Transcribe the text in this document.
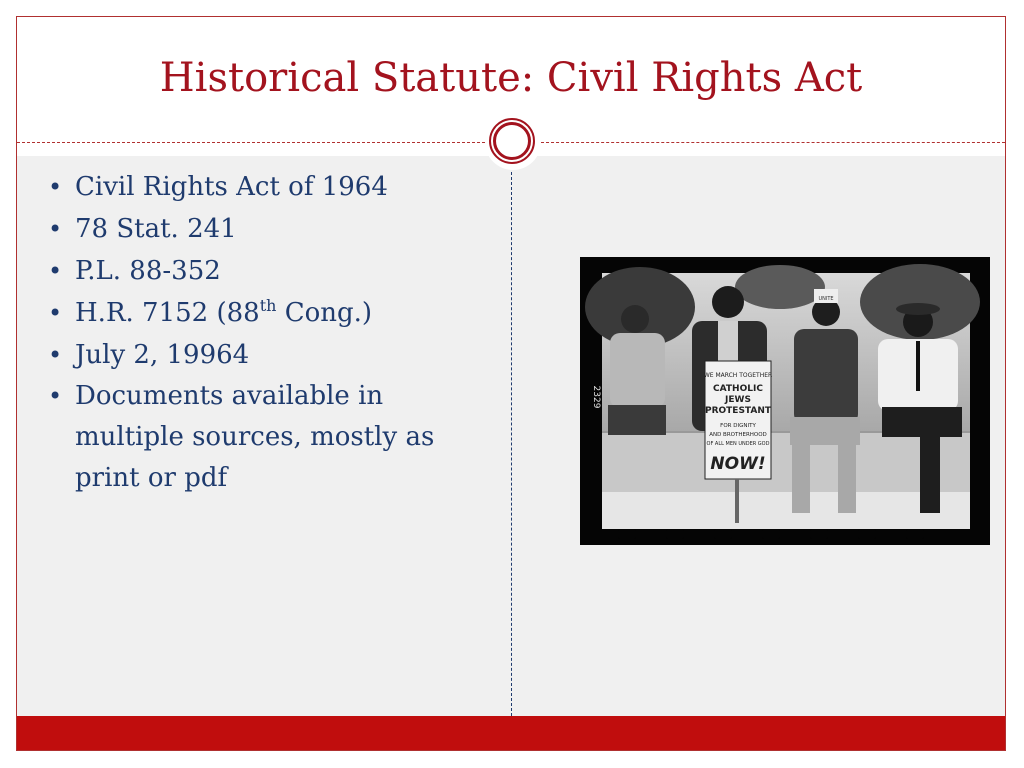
Historical Statute: Civil Rights Act
• Civil Rights Act of 1964
• 78 Stat. 241
• P.L. 88-352
• H.R. 7152 (88th Cong.)
• July 2, 19964
• Documents available in multiple sources, mostly as print or pdf
WE MARCH TOGETHER
CATHOLIC
JEWS
PROTESTANT
FOR DIGNITY
AND BROTHERHOOD
OF ALL MEN UNDER GOD
NOW!
UNITE
2329
